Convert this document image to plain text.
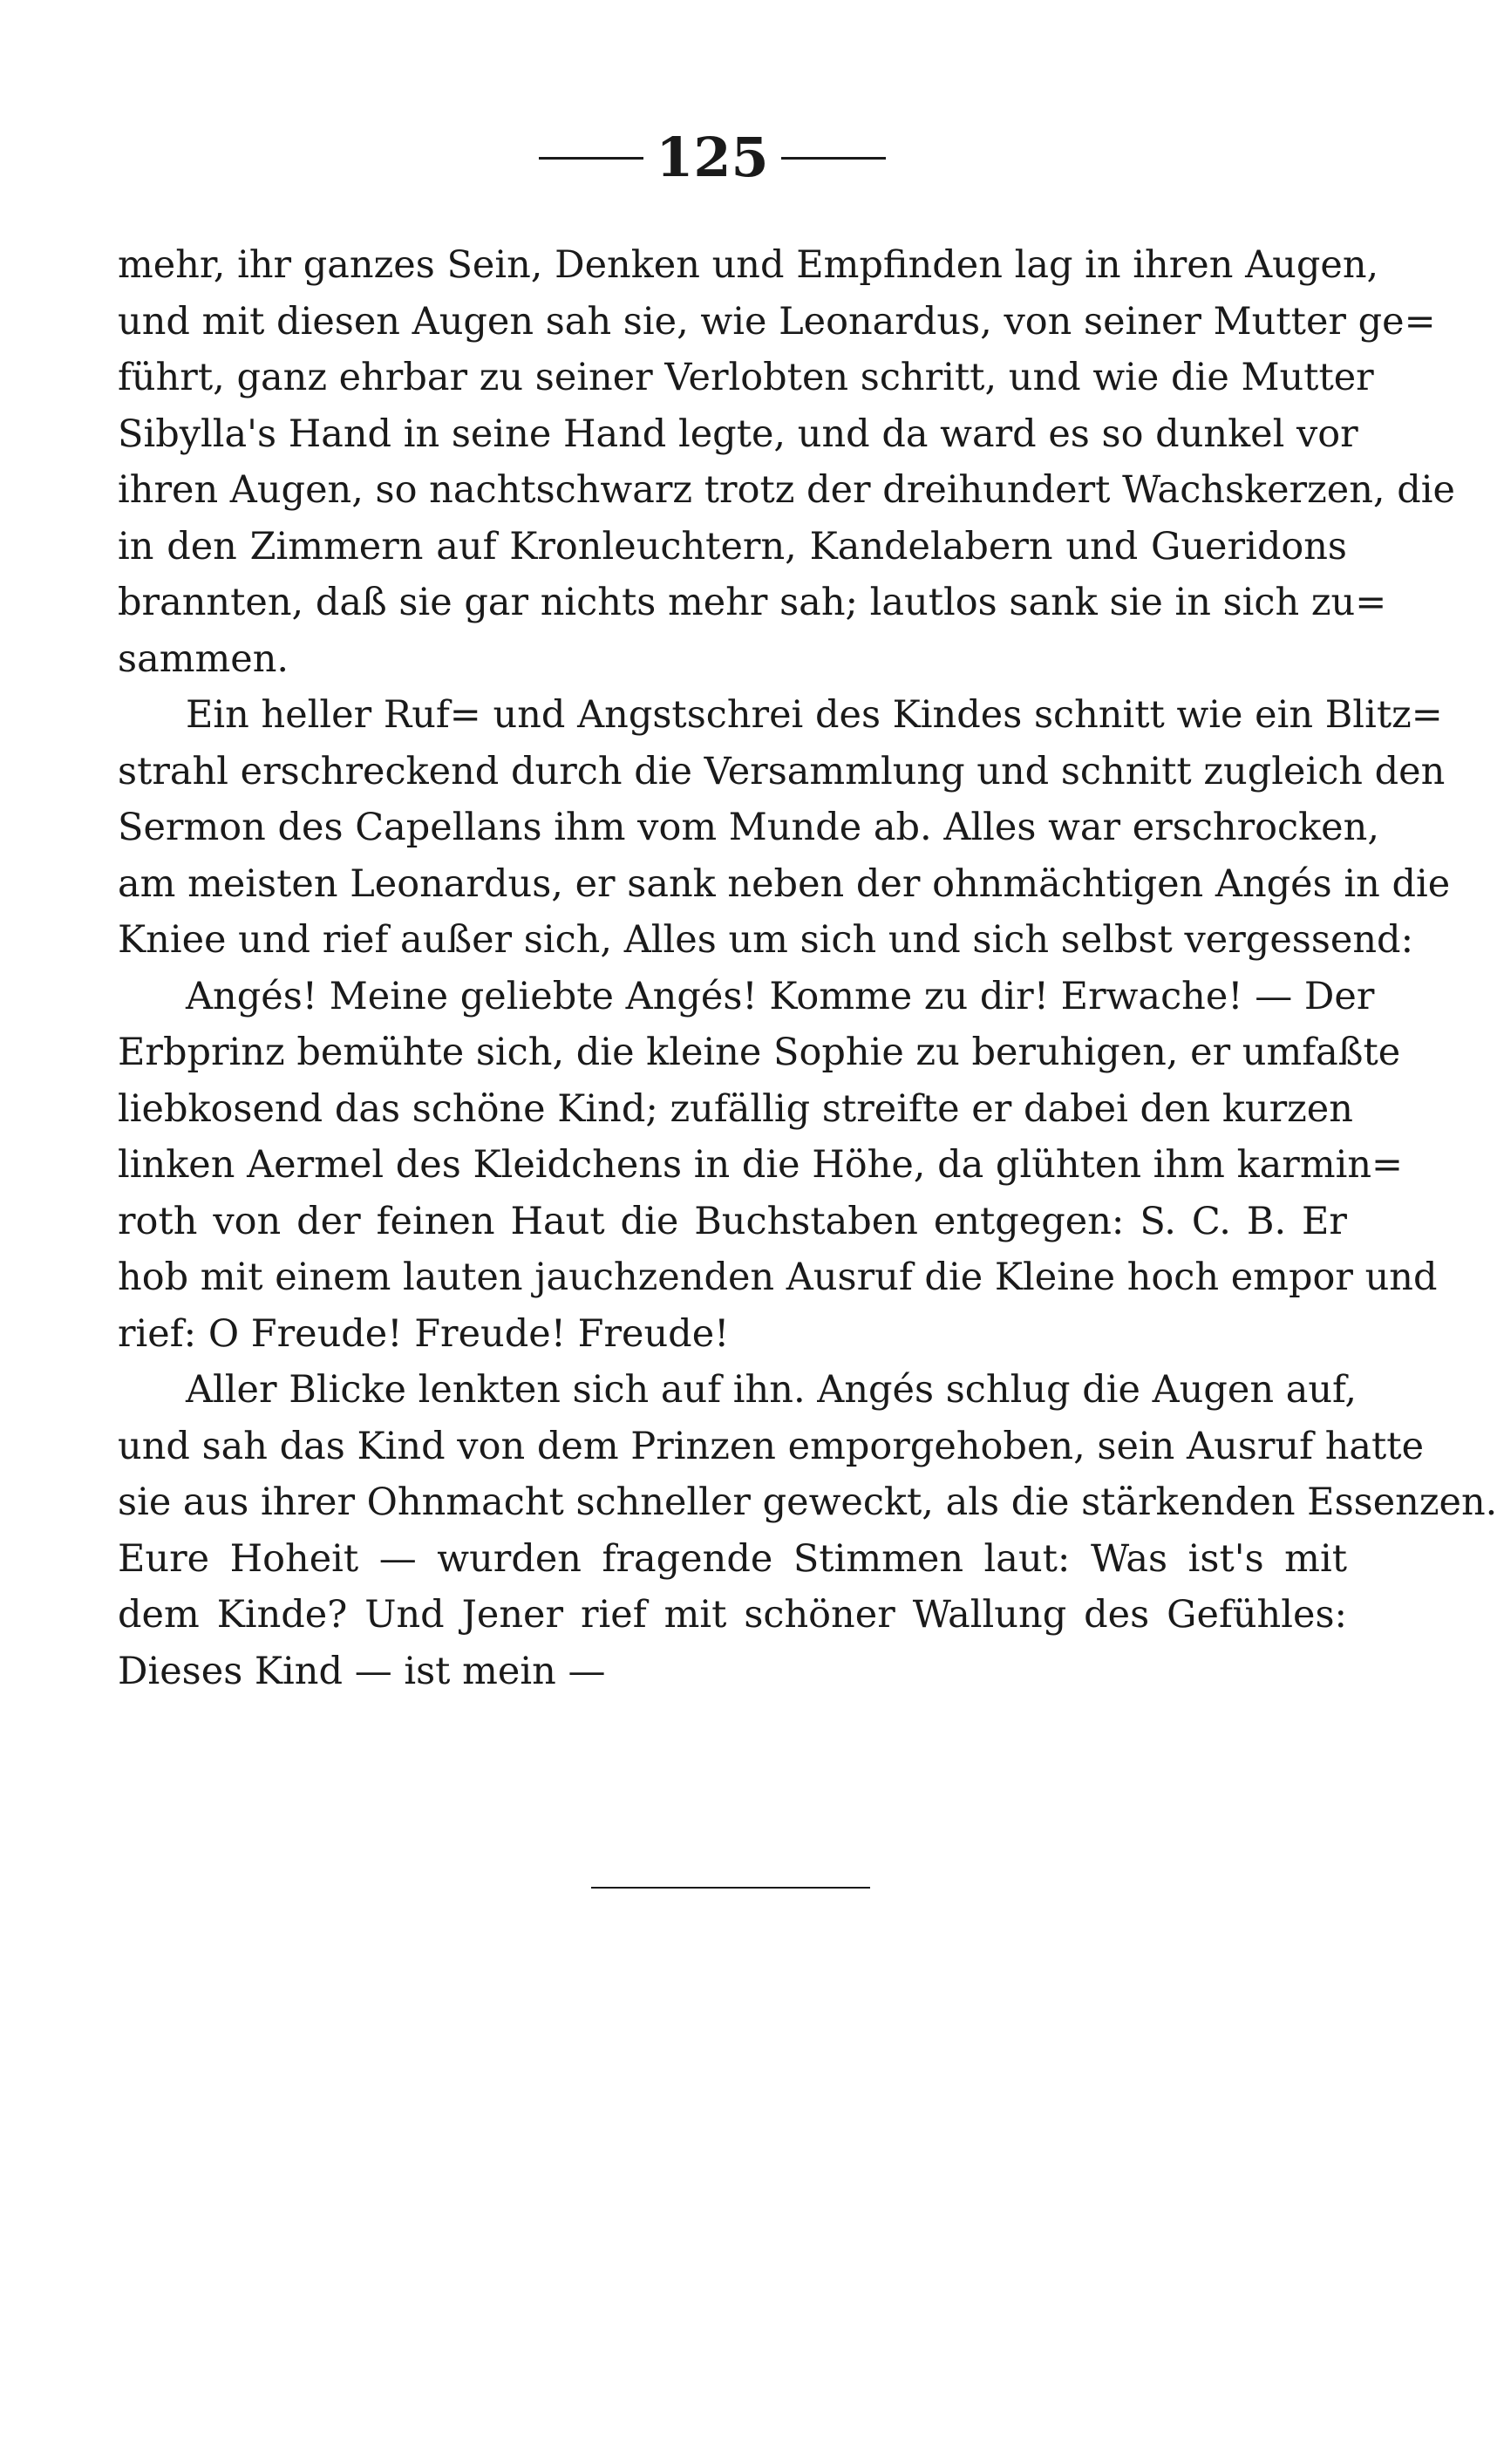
125
mehr, ihr ganzes Sein, Denken und Empfinden lag in ihren Augen,
und mit diesen Augen sah sie, wie Leonardus, von seiner Mutter ge=
führt, ganz ehrbar zu seiner Verlobten schritt, und wie die Mutter
Sibylla's Hand in seine Hand legte, und da ward es so dunkel vor
ihren Augen, so nachtschwarz trotz der dreihundert Wachskerzen, die
in den Zimmern auf Kronleuchtern, Kandelabern und Gueridons
brannten, daß sie gar nichts mehr sah; lautlos sank sie in sich zu=
sammen.
Ein heller Ruf= und Angstschrei des Kindes schnitt wie ein Blitz=
strahl erschreckend durch die Versammlung und schnitt zugleich den
Sermon des Capellans ihm vom Munde ab. Alles war erschrocken,
am meisten Leonardus, er sank neben der ohnmächtigen Angés in die
Kniee und rief außer sich, Alles um sich und sich selbst vergessend:
Angés! Meine geliebte Angés! Komme zu dir! Erwache! — Der
Erbprinz bemühte sich, die kleine Sophie zu beruhigen, er umfaßte
liebkosend das schöne Kind; zufällig streifte er dabei den kurzen
linken Aermel des Kleidchens in die Höhe, da glühten ihm karmin=
roth von der feinen Haut die Buchstaben entgegen: S. C. B. Er
hob mit einem lauten jauchzenden Ausruf die Kleine hoch empor und
rief: O Freude! Freude! Freude!
Aller Blicke lenkten sich auf ihn. Angés schlug die Augen auf,
und sah das Kind von dem Prinzen emporgehoben, sein Ausruf hatte
sie aus ihrer Ohnmacht schneller geweckt, als die stärkenden Essenzen.
Eure Hoheit — wurden fragende Stimmen laut: Was ist's mit
dem Kinde? Und Jener rief mit schöner Wallung des Gefühles:
Dieses Kind — ist mein —
